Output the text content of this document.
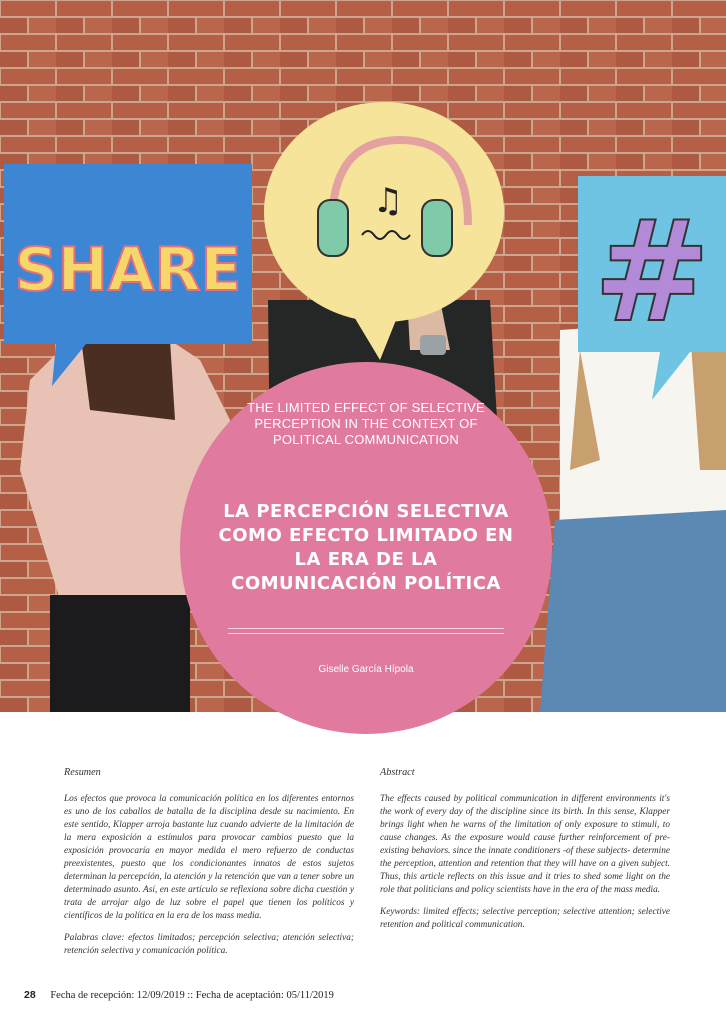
SHARE
♫ #
THE LIMITED EFFECT OF SELECTIVE PERCEPTION IN THE CONTEXT OF POLITICAL COMMUNICATION
LA PERCEPCIÓN SELECTIVA COMO EFECTO LIMITADO EN LA ERA DE LA COMUNICACIÓN POLÍTICA
Giselle García Hípola
Resumen

Los efectos que provoca la comunicación política en los diferentes entornos es uno de los caballos de batalla de la disciplina desde su nacimiento. En este sentido, Klapper arroja bastante luz cuando advierte de la limitación de la mera exposición a estímulos para provocar cambios puesto que la exposición provocaría en mayor medida el mero refuerzo de conductas preexistentes, puesto que los condicionantes innatos de estos sujetos determinan la percepción, la atención y la retención que van a tener sobre un determinado asunto. Así, en este artículo se reflexiona sobre dicha cuestión y trata de arrojar algo de luz sobre el papel que tienen los políticos y científicos de la política en la era de los mass media.

Palabras clave: efectos limitados; percepción selectiva; atención selectiva; retención selectiva y comunicación política.

Abstract

The effects caused by political communication in different environments it's the work of every day of the discipline since its birth. In this sense, Klapper brings light when he warns of the limitation of only exposure to stimuli, to cause changes. As the exposure would cause further reinforcement of pre-existing behaviors. since the innate conditioners -of these subjects- determine the perception, attention and retention that they will have on a given subject. Thus, this article reflects on this issue and it tries to shed some light on the role that politicians and policy scientists have in the era of the mass media.

Keywords: limited effects; selective perception; selective attention; selective retention and political communication.

28 Fecha de recepción: 12/09/2019 :: Fecha de aceptación: 05/11/2019
